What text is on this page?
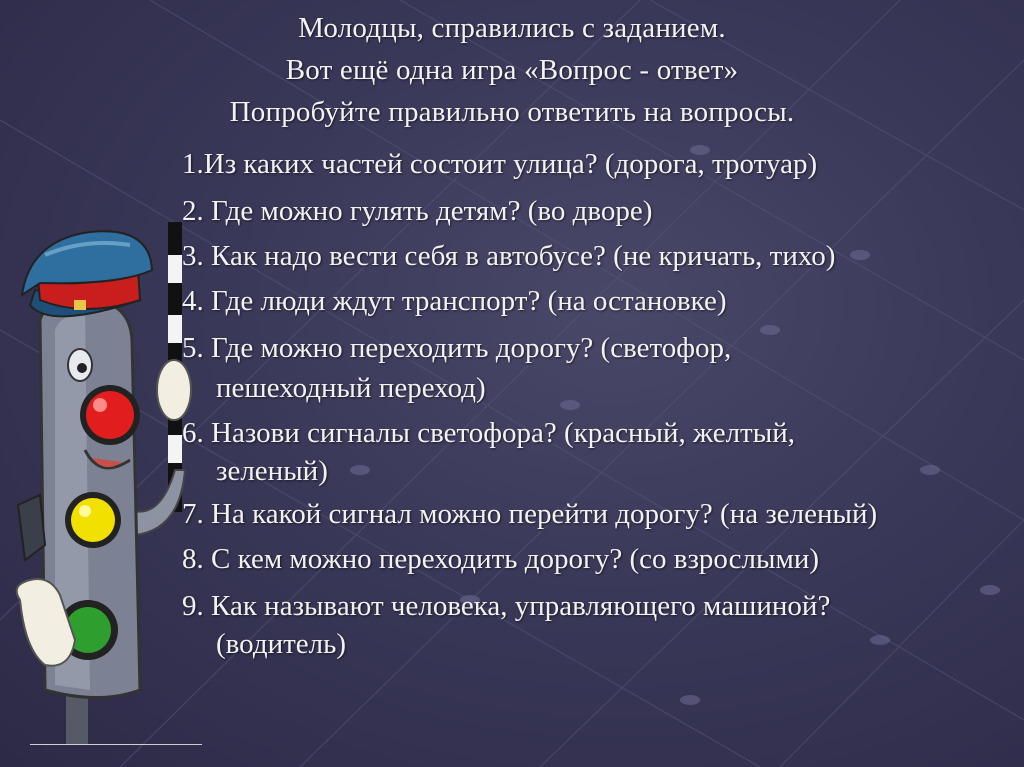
Молодцы, справились с заданием.
Вот ещё одна игра «Вопрос - ответ»
Попробуйте правильно ответить на вопросы.
1.Из каких частей состоит улица? (дорога, тротуар)
2. Где можно гулять детям? (во дворе)
3. Как надо вести себя в автобусе? (не кричать, тихо)
4. Где люди ждут транспорт? (на остановке)
5. Где можно переходить дорогу? (светофор,
пешеходный переход)
6. Назови сигналы светофора? (красный, желтый,
зеленый)
7. На какой сигнал можно перейти дорогу? (на зеленый)
8. С кем можно переходить дорогу? (со взрослыми)
9. Как называют человека, управляющего машиной?
(водитель)
